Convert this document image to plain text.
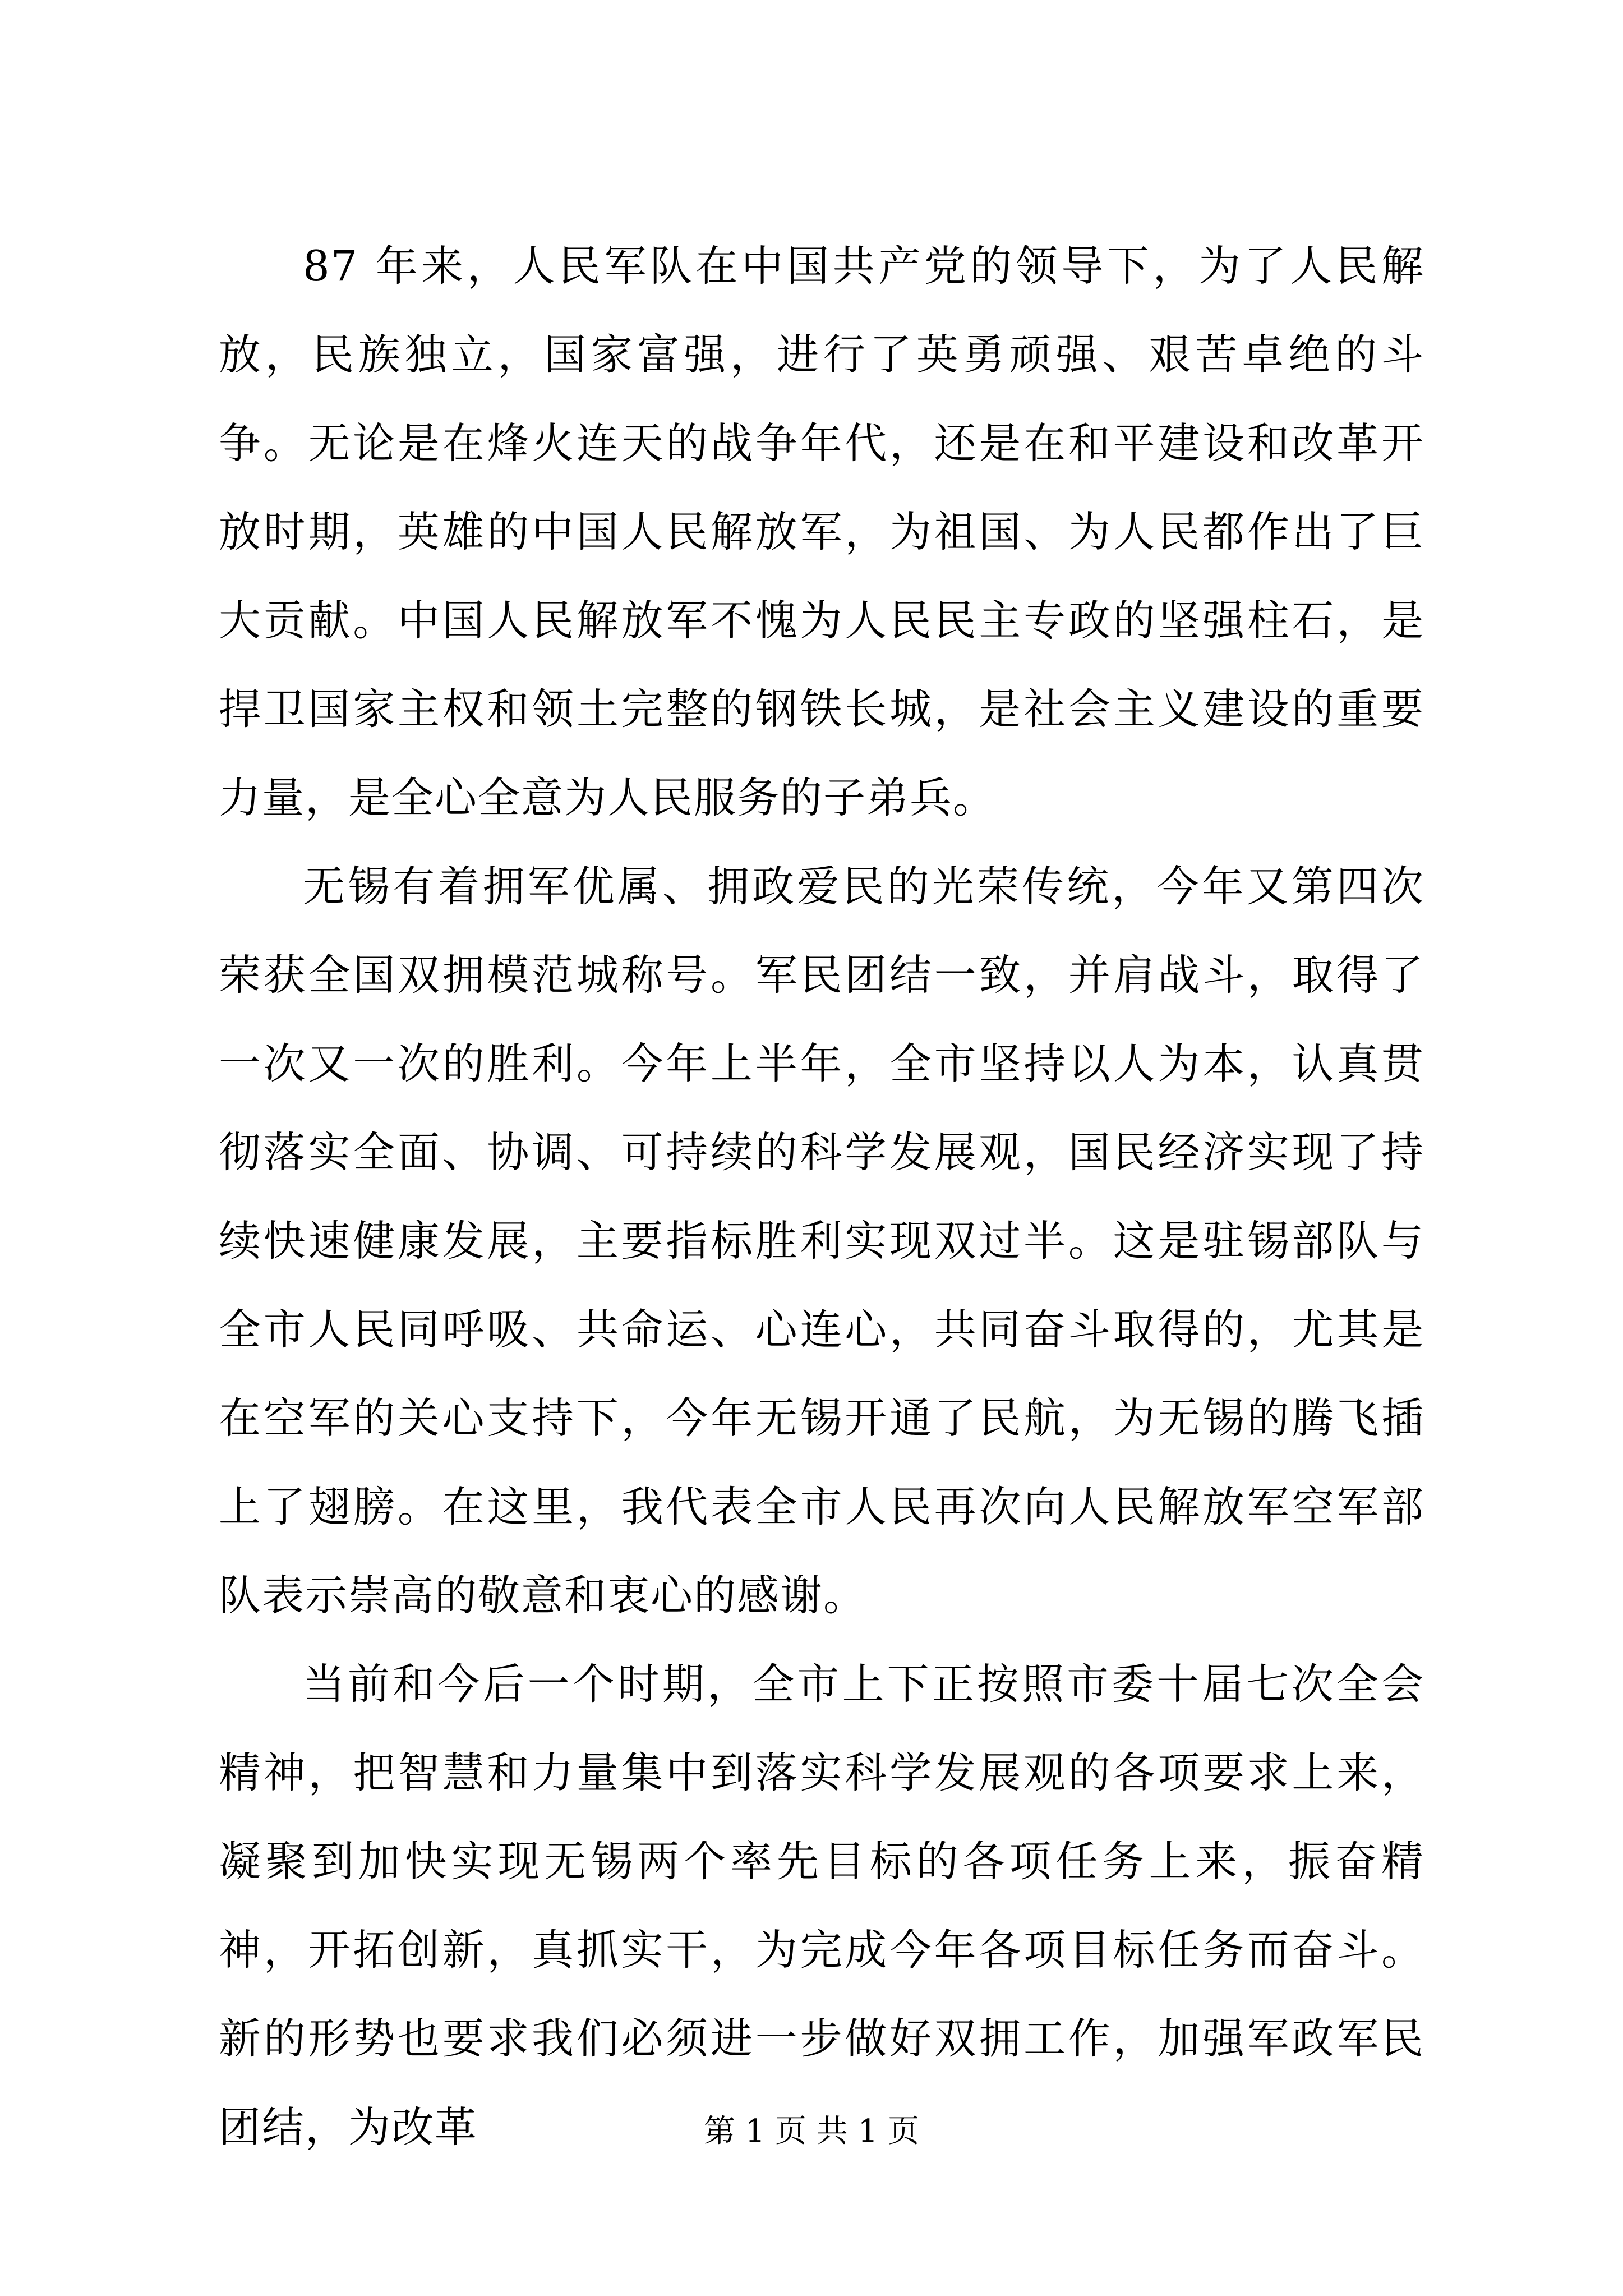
87 年来，人民军队在中国共产党的领导下，为了人民解放，民族独立，国家富强，进行了英勇顽强、艰苦卓绝的斗争。无论是在烽火连天的战争年代，还是在和平建设和改革开放时期，英雄的中国人民解放军，为祖国、为人民都作出了巨大贡献。中国人民解放军不愧为人民民主专政的坚强柱石，是捍卫国家主权和领土完整的钢铁长城，是社会主义建设的重要力量，是全心全意为人民服务的子弟兵。

无锡有着拥军优属、拥政爱民的光荣传统，今年又第四次荣获全国双拥模范城称号。军民团结一致，并肩战斗，取得了一次又一次的胜利。今年上半年，全市坚持以人为本，认真贯彻落实全面、协调、可持续的科学发展观，国民经济实现了持续快速健康发展，主要指标胜利实现双过半。这是驻锡部队与全市人民同呼吸、共命运、心连心，共同奋斗取得的，尤其是在空军的关心支持下，今年无锡开通了民航，为无锡的腾飞插上了翅膀。在这里，我代表全市人民再次向人民解放军空军部队表示崇高的敬意和衷心的感谢。

当前和今后一个时期，全市上下正按照市委十届七次全会精神，把智慧和力量集中到落实科学发展观的各项要求上来，凝聚到加快实现无锡两个率先目标的各项任务上来，振奋精神，开拓创新，真抓实干，为完成今年各项目标任务而奋斗。新的形势也要求我们必须进一步做好双拥工作，加强军政军民团结，为改革	第 1 页 共 1 页
